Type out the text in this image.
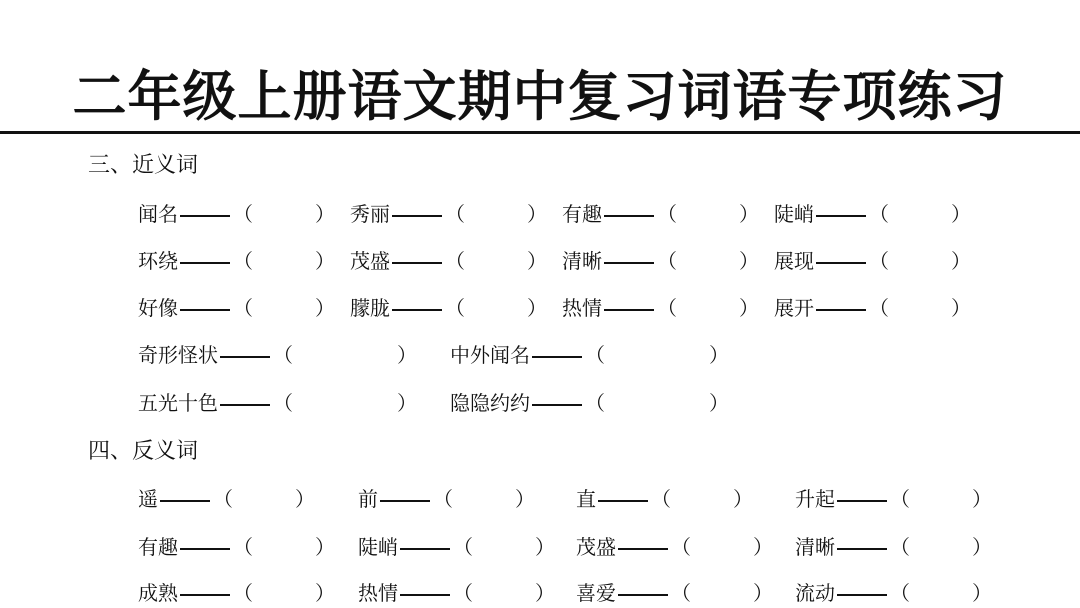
二年级上册语文期中复习词语专项练习
三、近义词
闻名	（	） 秀丽	（	） 有趣	（	） 陡峭	（	）
环绕	（	） 茂盛	（	） 清晰	（	） 展现	（	）
好像	（	） 朦胧	（	） 热情	（	） 展开	（	）
奇形怪状	（	） 中外闻名	（	）
五光十色	（	） 隐隐约约	（	）
四、反义词
遥	（	） 前	（	） 直	（	） 升起	（	）
有趣	（	） 陡峭	（	） 茂盛	（	） 清晰	（	）
成熟	（	） 热情	（	） 喜爱	（	） 流动	（	）
